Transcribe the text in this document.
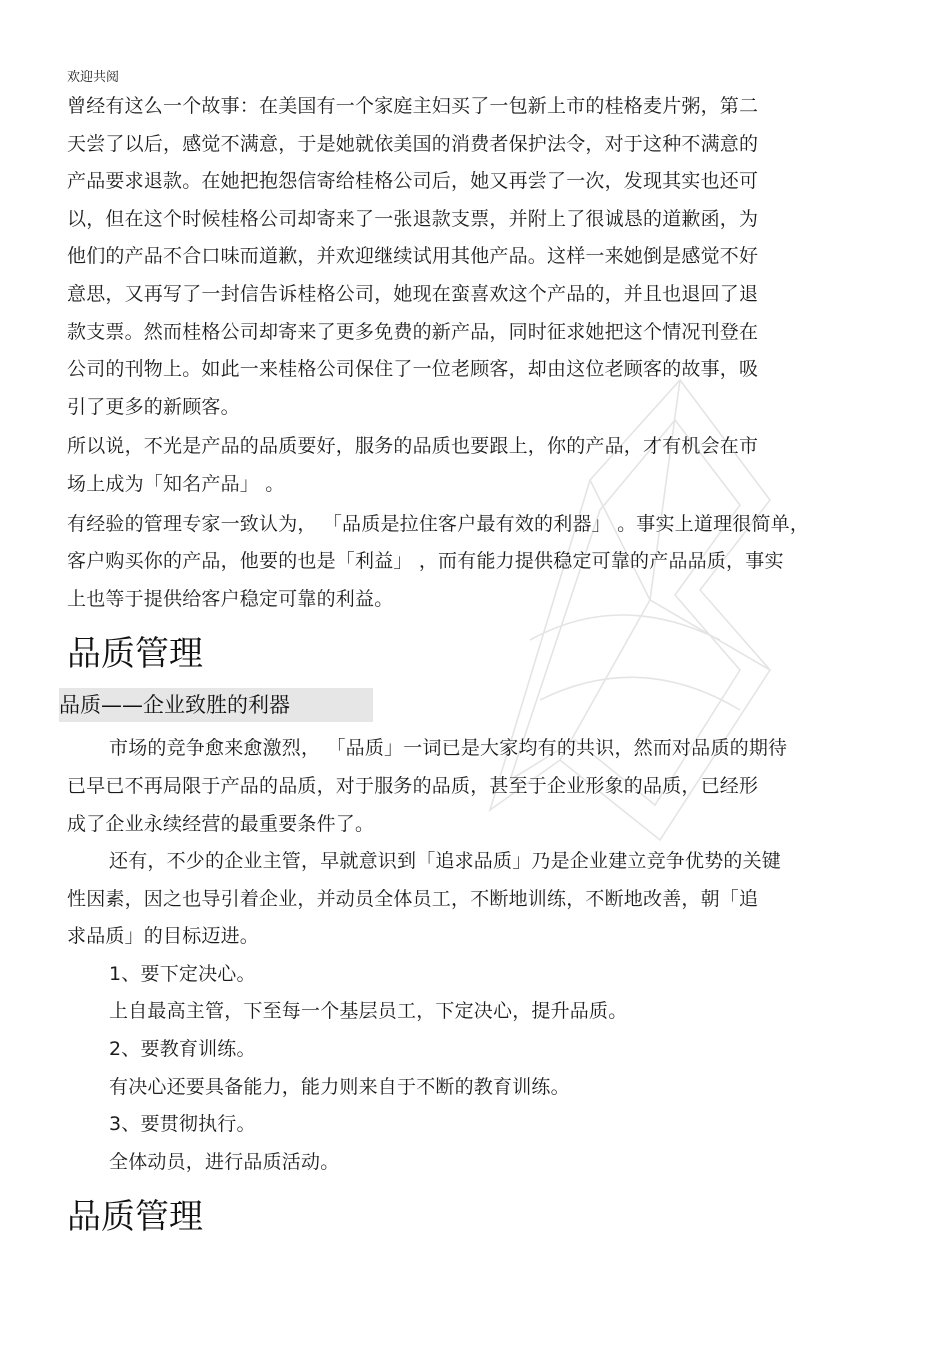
欢迎共阅

曾经有这么一个故事：在美国有一个家庭主妇买了一包新上市的桂格麦片粥，第二

天尝了以后，感觉不满意，于是她就依美国的消费者保护法令，对于这种不满意的

产品要求退款。在她把抱怨信寄给桂格公司后，她又再尝了一次，发现其实也还可

以，但在这个时候桂格公司却寄来了一张退款支票，并附上了很诚恳的道歉函，为

他们的产品不合口味而道歉，并欢迎继续试用其他产品。这样一来她倒是感觉不好

意思，又再写了一封信告诉桂格公司，她现在蛮喜欢这个产品的，并且也退回了退

款支票。然而桂格公司却寄来了更多免费的新产品，同时征求她把这个情况刊登在

公司的刊物上。如此一来桂格公司保住了一位老顾客，却由这位老顾客的故事，吸

引了更多的新顾客。

所以说，不光是产品的品质要好，服务的品质也要跟上，你的产品，才有机会在市

场上成为「知名产品」 。

有经验的管理专家一致认为， 「品质是拉住客户最有效的利器」 。事实上道理很简单，

客户购买你的产品，他要的也是「利益」 ，而有能力提供稳定可靠的产品品质，事实

上也等于提供给客户稳定可靠的利益。

品质管理
品质——企业致胜的利器

市场的竞争愈来愈激烈， 「品质」一词已是大家均有的共识，然而对品质的期待

已早已不再局限于产品的品质，对于服务的品质，甚至于企业形象的品质，已经形

成了企业永续经营的最重要条件了。

还有，不少的企业主管，早就意识到「追求品质」乃是企业建立竞争优势的关键

性因素，因之也导引着企业，并动员全体员工，不断地训练，不断地改善，朝「追

求品质」的目标迈进。

1、要下定决心。

上自最高主管，下至每一个基层员工，下定决心，提升品质。

2、要教育训练。

有决心还要具备能力，能力则来自于不断的教育训练。

3、要贯彻执行。

全体动员，进行品质活动。

品质管理
